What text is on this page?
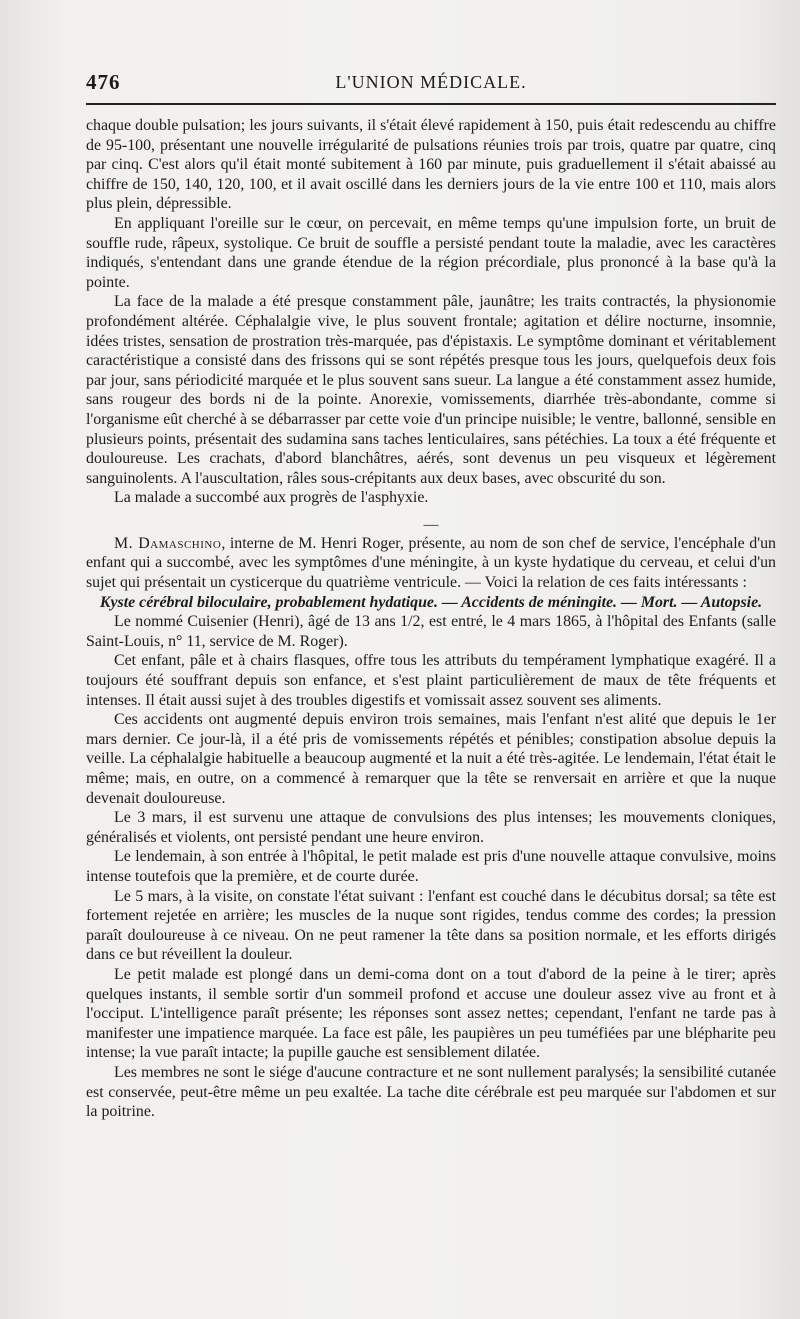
476	L'UNION MÉDICALE.

chaque double pulsation; les jours suivants, il s'était élevé rapidement à 150, puis était redescendu au chiffre de 95-100, présentant une nouvelle irrégularité de pulsations réunies trois par trois, quatre par quatre, cinq par cinq. C'est alors qu'il était monté subitement à 160 par minute, puis graduellement il s'était abaissé au chiffre de 150, 140, 120, 100, et il avait oscillé dans les derniers jours de la vie entre 100 et 110, mais alors plus plein, dépressible.

En appliquant l'oreille sur le cœur, on percevait, en même temps qu'une impulsion forte, un bruit de souffle rude, râpeux, systolique. Ce bruit de souffle a persisté pendant toute la maladie, avec les caractères indiqués, s'entendant dans une grande étendue de la région précordiale, plus prononcé à la base qu'à la pointe.

La face de la malade a été presque constamment pâle, jaunâtre; les traits contractés, la physionomie profondément altérée. Céphalalgie vive, le plus souvent frontale; agitation et délire nocturne, insomnie, idées tristes, sensation de prostration très-marquée, pas d'épistaxis. Le symptôme dominant et véritablement caractéristique a consisté dans des frissons qui se sont répétés presque tous les jours, quelquefois deux fois par jour, sans périodicité marquée et le plus souvent sans sueur. La langue a été constamment assez humide, sans rougeur des bords ni de la pointe. Anorexie, vomissements, diarrhée très-abondante, comme si l'organisme eût cherché à se débarrasser par cette voie d'un principe nuisible; le ventre, ballonné, sensible en plusieurs points, présentait des sudamina sans taches lenticulaires, sans pétéchies. La toux a été fréquente et douloureuse. Les crachats, d'abord blanchâtres, aérés, sont devenus un peu visqueux et légèrement sanguinolents. A l'auscultation, râles sous-crépitants aux deux bases, avec obscurité du son.

La malade a succombé aux progrès de l'asphyxie.

—

M. Damaschino, interne de M. Henri Roger, présente, au nom de son chef de service, l'encéphale d'un enfant qui a succombé, avec les symptômes d'une méningite, à un kyste hydatique du cerveau, et celui d'un sujet qui présentait un cysticerque du quatrième ventricule. — Voici la relation de ces faits intéressants :

Kyste cérébral biloculaire, probablement hydatique. — Accidents de méningite. — Mort. — Autopsie.

Le nommé Cuisenier (Henri), âgé de 13 ans 1/2, est entré, le 4 mars 1865, à l'hôpital des Enfants (salle Saint-Louis, n° 11, service de M. Roger).

Cet enfant, pâle et à chairs flasques, offre tous les attributs du tempérament lymphatique exagéré. Il a toujours été souffrant depuis son enfance, et s'est plaint particulièrement de maux de tête fréquents et intenses. Il était aussi sujet à des troubles digestifs et vomissait assez souvent ses aliments.

Ces accidents ont augmenté depuis environ trois semaines, mais l'enfant n'est alité que depuis le 1er mars dernier. Ce jour-là, il a été pris de vomissements répétés et pénibles; constipation absolue depuis la veille. La céphalalgie habituelle a beaucoup augmenté et la nuit a été très-agitée. Le lendemain, l'état était le même; mais, en outre, on a commencé à remarquer que la tête se renversait en arrière et que la nuque devenait douloureuse.

Le 3 mars, il est survenu une attaque de convulsions des plus intenses; les mouvements cloniques, généralisés et violents, ont persisté pendant une heure environ.

Le lendemain, à son entrée à l'hôpital, le petit malade est pris d'une nouvelle attaque convulsive, moins intense toutefois que la première, et de courte durée.

Le 5 mars, à la visite, on constate l'état suivant : l'enfant est couché dans le décubitus dorsal; sa tête est fortement rejetée en arrière; les muscles de la nuque sont rigides, tendus comme des cordes; la pression paraît douloureuse à ce niveau. On ne peut ramener la tête dans sa position normale, et les efforts dirigés dans ce but réveillent la douleur.

Le petit malade est plongé dans un demi-coma dont on a tout d'abord de la peine à le tirer; après quelques instants, il semble sortir d'un sommeil profond et accuse une douleur assez vive au front et à l'occiput. L'intelligence paraît présente; les réponses sont assez nettes; cependant, l'enfant ne tarde pas à manifester une impatience marquée. La face est pâle, les paupières un peu tuméfiées par une blépharite peu intense; la vue paraît intacte; la pupille gauche est sensiblement dilatée.

Les membres ne sont le siége d'aucune contracture et ne sont nullement paralysés; la sensibilité cutanée est conservée, peut-être même un peu exaltée. La tache dite cérébrale est peu marquée sur l'abdomen et sur la poitrine.
